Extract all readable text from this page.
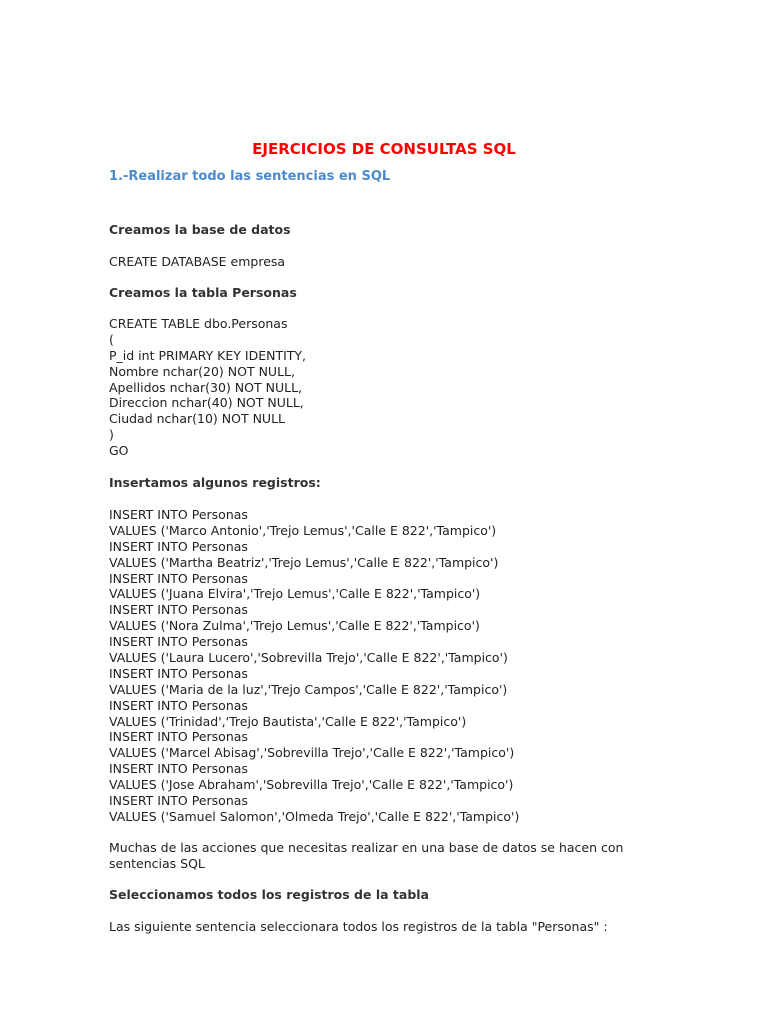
EJERCICIOS DE CONSULTAS SQL
1.-Realizar todo las sentencias en SQL
Creamos la base de datos

CREATE DATABASE empresa

Creamos la tabla Personas
CREATE TABLE dbo.Personas
(
P_id int PRIMARY KEY IDENTITY,
Nombre nchar(20) NOT NULL,
Apellidos nchar(30) NOT NULL,
Direccion nchar(40) NOT NULL,
Ciudad nchar(10) NOT NULL
)
GO
Insertamos algunos registros:
INSERT INTO Personas
VALUES ('Marco Antonio','Trejo Lemus','Calle E 822','Tampico')
INSERT INTO Personas
VALUES ('Martha Beatriz','Trejo Lemus','Calle E 822','Tampico')
INSERT INTO Personas
VALUES ('Juana Elvira','Trejo Lemus','Calle E 822','Tampico')
INSERT INTO Personas
VALUES ('Nora Zulma','Trejo Lemus','Calle E 822','Tampico')
INSERT INTO Personas
VALUES ('Laura Lucero','Sobrevilla Trejo','Calle E 822','Tampico')
INSERT INTO Personas
VALUES ('Maria de la luz','Trejo Campos','Calle E 822','Tampico')
INSERT INTO Personas
VALUES ('Trinidad','Trejo Bautista','Calle E 822','Tampico')
INSERT INTO Personas
VALUES ('Marcel Abisag','Sobrevilla Trejo','Calle E 822','Tampico')
INSERT INTO Personas
VALUES ('Jose Abraham','Sobrevilla Trejo','Calle E 822','Tampico')
INSERT INTO Personas
VALUES ('Samuel Salomon','Olmeda Trejo','Calle E 822','Tampico')

Muchas de las acciones que necesitas realizar en una base de datos se hacen con sentencias SQL

Seleccionamos todos los registros de la tabla

Las siguiente sentencia seleccionara todos los registros de la tabla "Personas" :
